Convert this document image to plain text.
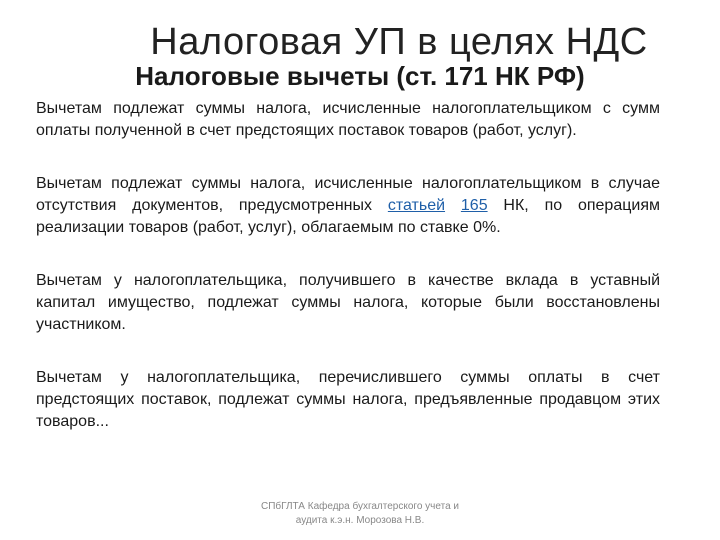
Налоговая УП в целях НДС
Налоговые вычеты (ст. 171 НК РФ)

Вычетам подлежат суммы налога, исчисленные налогоплательщиком с сумм оплаты полученной в счет предстоящих поставок товаров (работ, услуг).

Вычетам подлежат суммы налога, исчисленные налогоплательщиком в случае отсутствия документов, предусмотренных статьей 165 НК, по операциям реализации товаров (работ, услуг), облагаемым по ставке 0%.

Вычетам у налогоплательщика, получившего в качестве вклада в уставный капитал имущество, подлежат суммы налога, которые были восстановлены участником.

Вычетам у налогоплательщика, перечислившего суммы оплаты в счет предстоящих поставок, подлежат суммы налога, предъявленные продавцом этих товаров...

СПбГЛТА Кафедра бухгалтерского учета и
аудита к.э.н. Морозова Н.В.
